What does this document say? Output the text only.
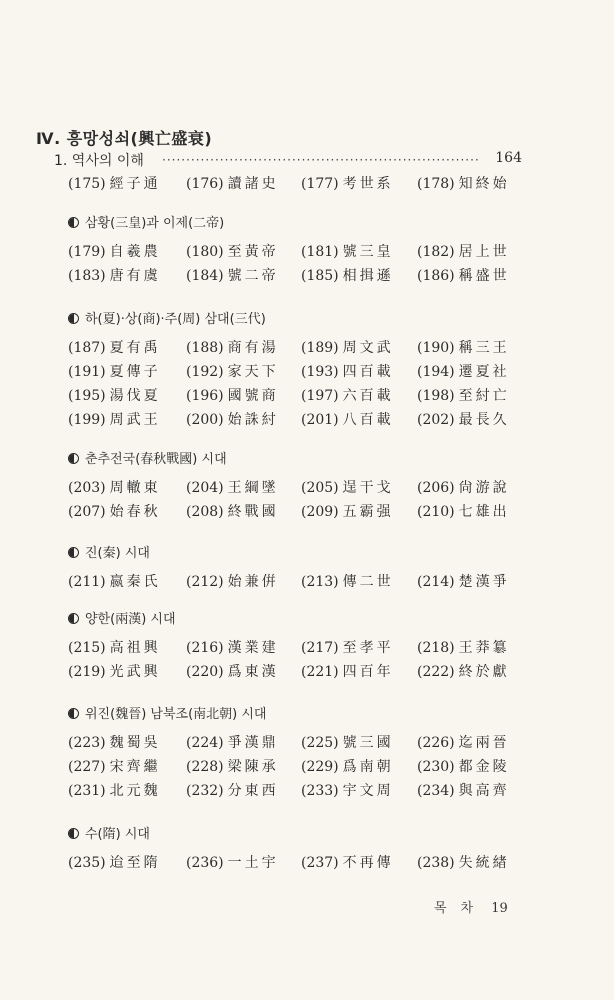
Ⅳ. 흥망성쇠(興亡盛衰)
1. 역사의 이해 ··································································	164
(175) 經子通 (176) 讀諸史 (177) 考世系 (178) 知終始
삼황(三皇)과 이제(二帝)
(179) 自羲農 (180) 至黃帝 (181) 號三皇 (182) 居上世
(183) 唐有虞 (184) 號二帝 (185) 相揖遜 (186) 稱盛世
하(夏)·상(商)·주(周) 삼대(三代)
(187) 夏有禹 (188) 商有湯 (189) 周文武 (190) 稱三王
(191) 夏傳子 (192) 家天下 (193) 四百載 (194) 遷夏社
(195) 湯伐夏 (196) 國號商 (197) 六百載 (198) 至紂亡
(199) 周武王 (200) 始誅紂 (201) 八百載 (202) 最長久
춘추전국(春秋戰國) 시대
(203) 周轍東 (204) 王綱墜 (205) 逞干戈 (206) 尙游說
(207) 始春秋 (208) 終戰國 (209) 五霸强 (210) 七雄出
진(秦) 시대
(211) 嬴秦氏 (212) 始兼倂 (213) 傳二世 (214) 楚漢爭
양한(兩漢) 시대
(215) 高祖興 (216) 漢業建 (217) 至孝平 (218) 王莽簒
(219) 光武興 (220) 爲東漢 (221) 四百年 (222) 終於獻
위진(魏晉) 남북조(南北朝) 시대
(223) 魏蜀吳 (224) 爭漢鼎 (225) 號三國 (226) 迄兩晉
(227) 宋齊繼 (228) 梁陳承 (229) 爲南朝 (230) 都金陵
(231) 北元魏 (232) 分東西 (233) 宇文周 (234) 與高齊
수(隋) 시대
(235) 迨至隋 (236) 一土宇 (237) 不再傳 (238) 失統緖
목차 19
